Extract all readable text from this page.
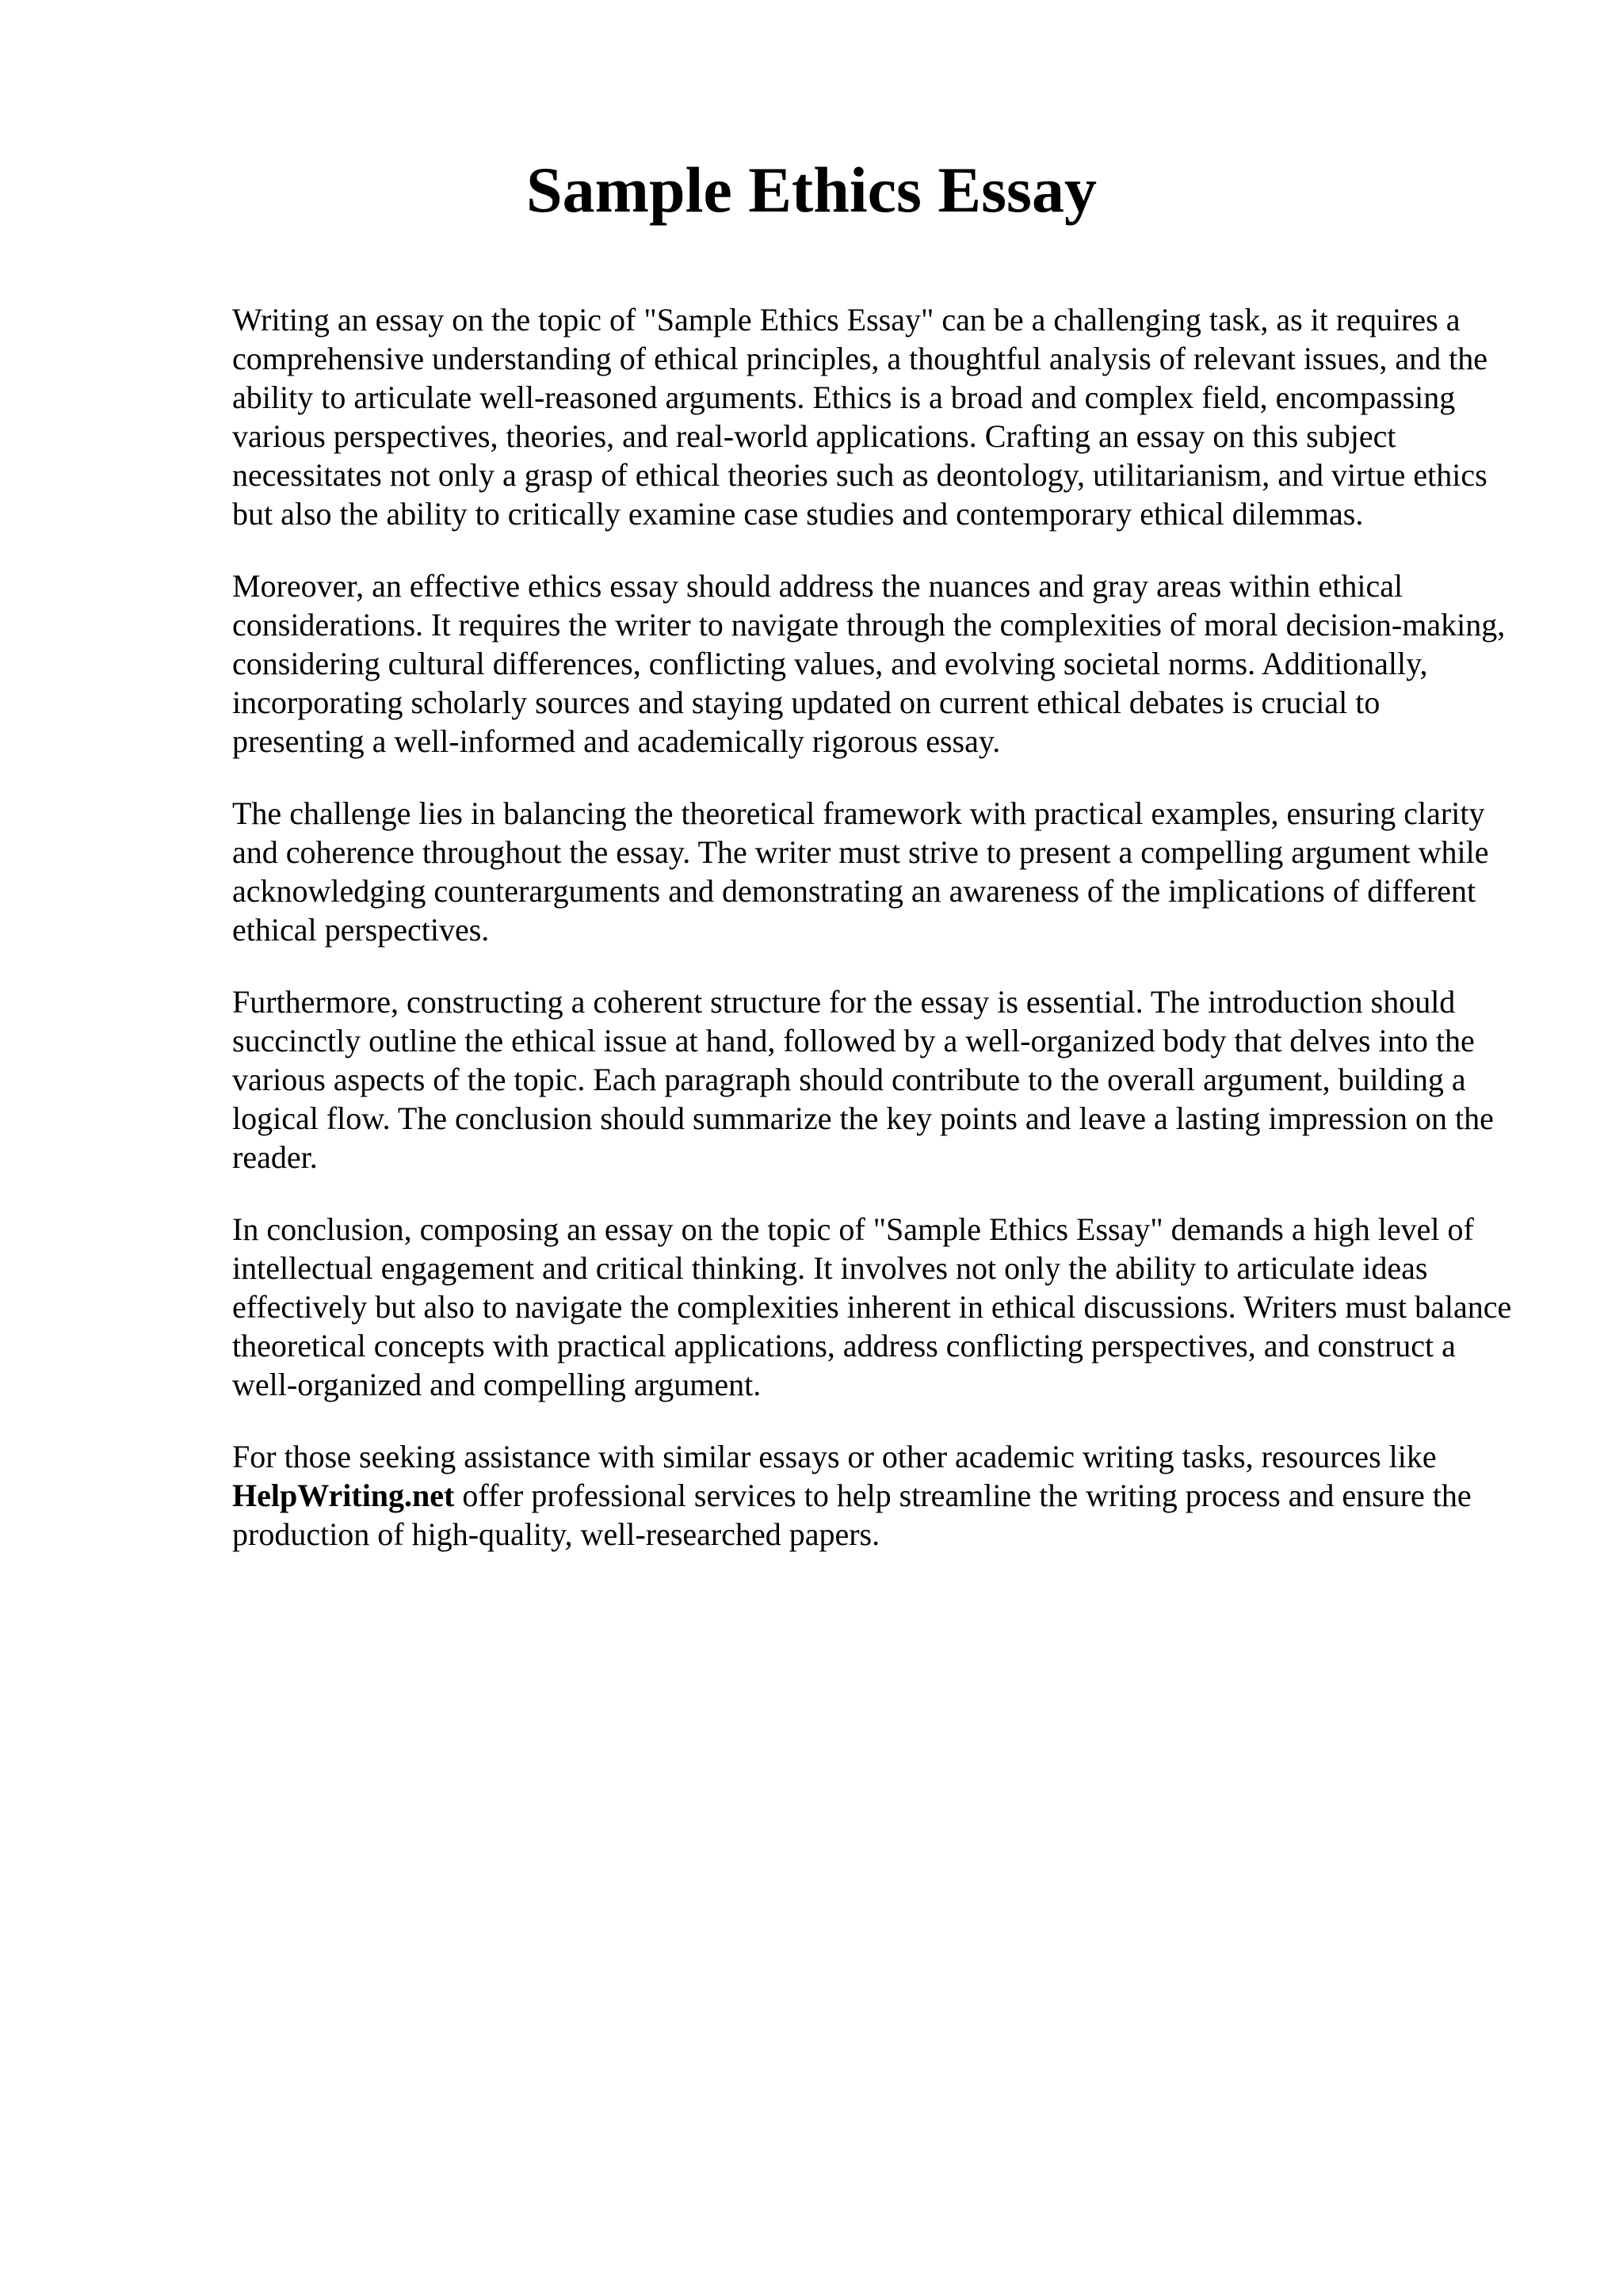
Sample Ethics Essay

Writing an essay on the topic of "Sample Ethics Essay" can be a challenging task, as it requires a comprehensive understanding of ethical principles, a thoughtful analysis of relevant issues, and the ability to articulate well-reasoned arguments. Ethics is a broad and complex field, encompassing various perspectives, theories, and real-world applications. Crafting an essay on this subject necessitates not only a grasp of ethical theories such as deontology, utilitarianism, and virtue ethics but also the ability to critically examine case studies and contemporary ethical dilemmas.

Moreover, an effective ethics essay should address the nuances and gray areas within ethical considerations. It requires the writer to navigate through the complexities of moral decision-making, considering cultural differences, conflicting values, and evolving societal norms. Additionally, incorporating scholarly sources and staying updated on current ethical debates is crucial to presenting a well-informed and academically rigorous essay.

The challenge lies in balancing the theoretical framework with practical examples, ensuring clarity and coherence throughout the essay. The writer must strive to present a compelling argument while acknowledging counterarguments and demonstrating an awareness of the implications of different ethical perspectives.

Furthermore, constructing a coherent structure for the essay is essential. The introduction should succinctly outline the ethical issue at hand, followed by a well-organized body that delves into the various aspects of the topic. Each paragraph should contribute to the overall argument, building a logical flow. The conclusion should summarize the key points and leave a lasting impression on the reader.

In conclusion, composing an essay on the topic of "Sample Ethics Essay" demands a high level of intellectual engagement and critical thinking. It involves not only the ability to articulate ideas effectively but also to navigate the complexities inherent in ethical discussions. Writers must balance theoretical concepts with practical applications, address conflicting perspectives, and construct a well-organized and compelling argument.

For those seeking assistance with similar essays or other academic writing tasks, resources like HelpWriting.net offer professional services to help streamline the writing process and ensure the production of high-quality, well-researched papers.
